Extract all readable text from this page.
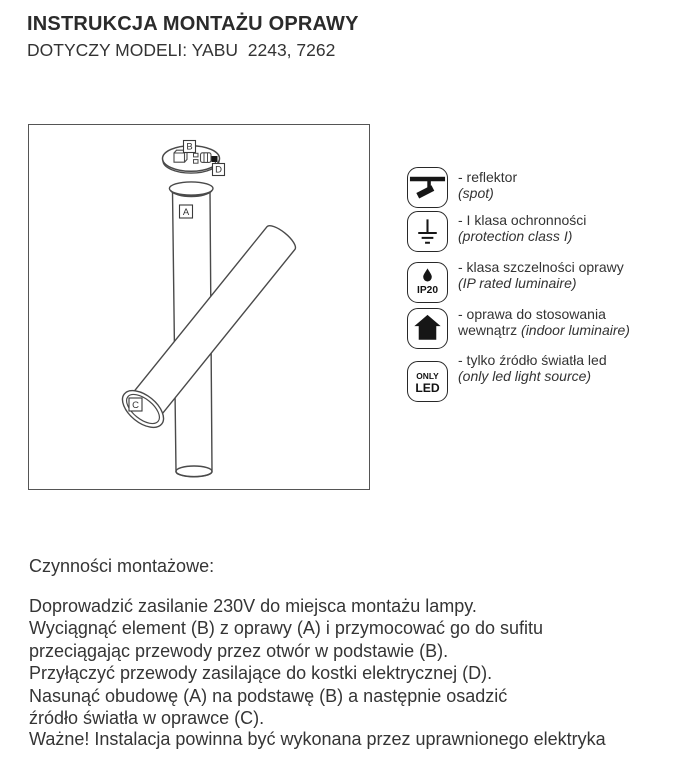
INSTRUKCJA MONTAŻU OPRAWY
DOTYCZY MODELI: YABU  2243, 7262
A
C
B
D	- reflektor
(spot)
- I klasa ochronności
(protection class I)
IP20
- klasa szczelności oprawy
(IP rated luminaire)
- oprawa do stosowania
wewnątrz (indoor luminaire)
ONLY
LED
- tylko źródło światła led
(only led light source)
Czynności montażowe:
Doprowadzić zasilanie 230V do miejsca montażu lampy.
Wyciągnąć element (B) z oprawy (A) i przymocować go do sufitu
przeciągając przewody przez otwór w podstawie (B).
Przyłączyć przewody zasilające do kostki elektrycznej (D).
Nasunąć obudowę (A) na podstawę (B) a następnie osadzić
źródło światła w oprawce (C).
Ważne! Instalacja powinna być wykonana przez uprawnionego elektryka
